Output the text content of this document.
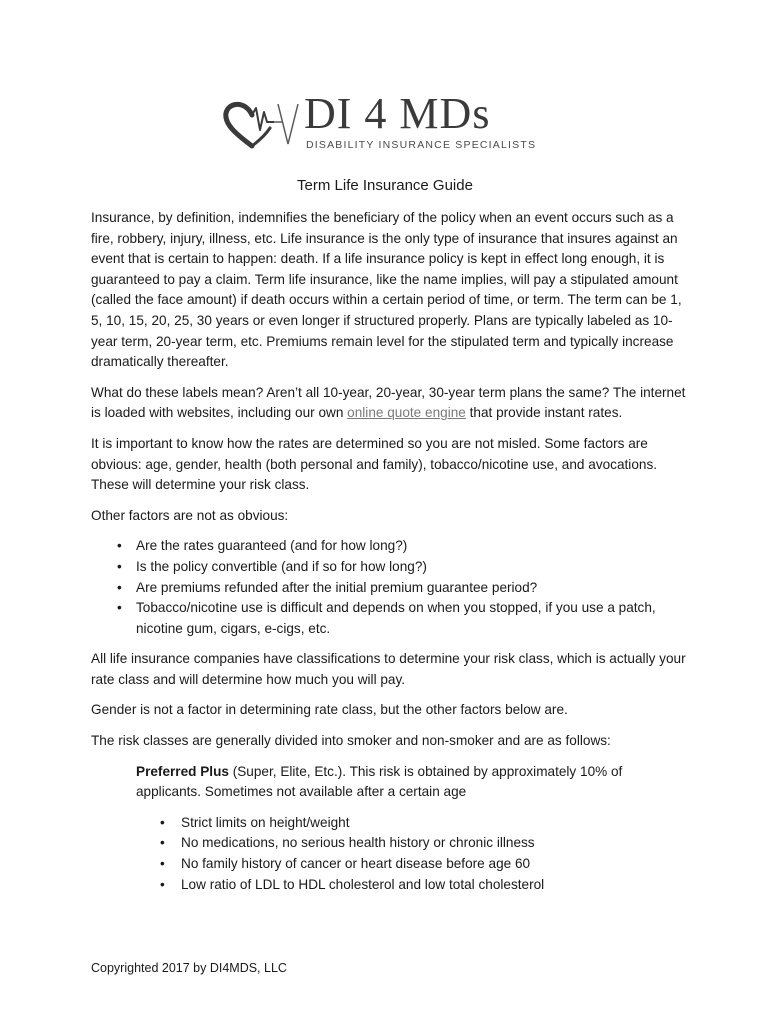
DI 4 MDs
DISABILITY INSURANCE SPECIALISTS
Term Life Insurance Guide

Insurance, by definition, indemnifies the beneficiary of the policy when an event occurs such as a fire, robbery, injury, illness, etc. Life insurance is the only type of insurance that insures against an event that is certain to happen: death. If a life insurance policy is kept in effect long enough, it is guaranteed to pay a claim. Term life insurance, like the name implies, will pay a stipulated amount (called the face amount) if death occurs within a certain period of time, or term. The term can be 1, 5, 10, 15, 20, 25, 30 years or even longer if structured properly. Plans are typically labeled as 10-year term, 20-year term, etc. Premiums remain level for the stipulated term and typically increase dramatically thereafter.

What do these labels mean? Aren’t all 10-year, 20-year, 30-year term plans the same? The internet is loaded with websites, including our own online quote engine that provide instant rates.

It is important to know how the rates are determined so you are not misled. Some factors are obvious: age, gender, health (both personal and family), tobacco/nicotine use, and avocations. These will determine your risk class.

Other factors are not as obvious:

• Are the rates guaranteed (and for how long?)
• Is the policy convertible (and if so for how long?)
• Are premiums refunded after the initial premium guarantee period?
• Tobacco/nicotine use is difficult and depends on when you stopped, if you use a patch, nicotine gum, cigars, e-cigs, etc.

All life insurance companies have classifications to determine your risk class, which is actually your rate class and will determine how much you will pay.

Gender is not a factor in determining rate class, but the other factors below are.

The risk classes are generally divided into smoker and non-smoker and are as follows:

Preferred Plus (Super, Elite, Etc.). This risk is obtained by approximately 10% of applicants. Sometimes not available after a certain age

• Strict limits on height/weight
• No medications, no serious health history or chronic illness
• No family history of cancer or heart disease before age 60
• Low ratio of LDL to HDL cholesterol and low total cholesterol
Copyrighted 2017 by DI4MDS, LLC
